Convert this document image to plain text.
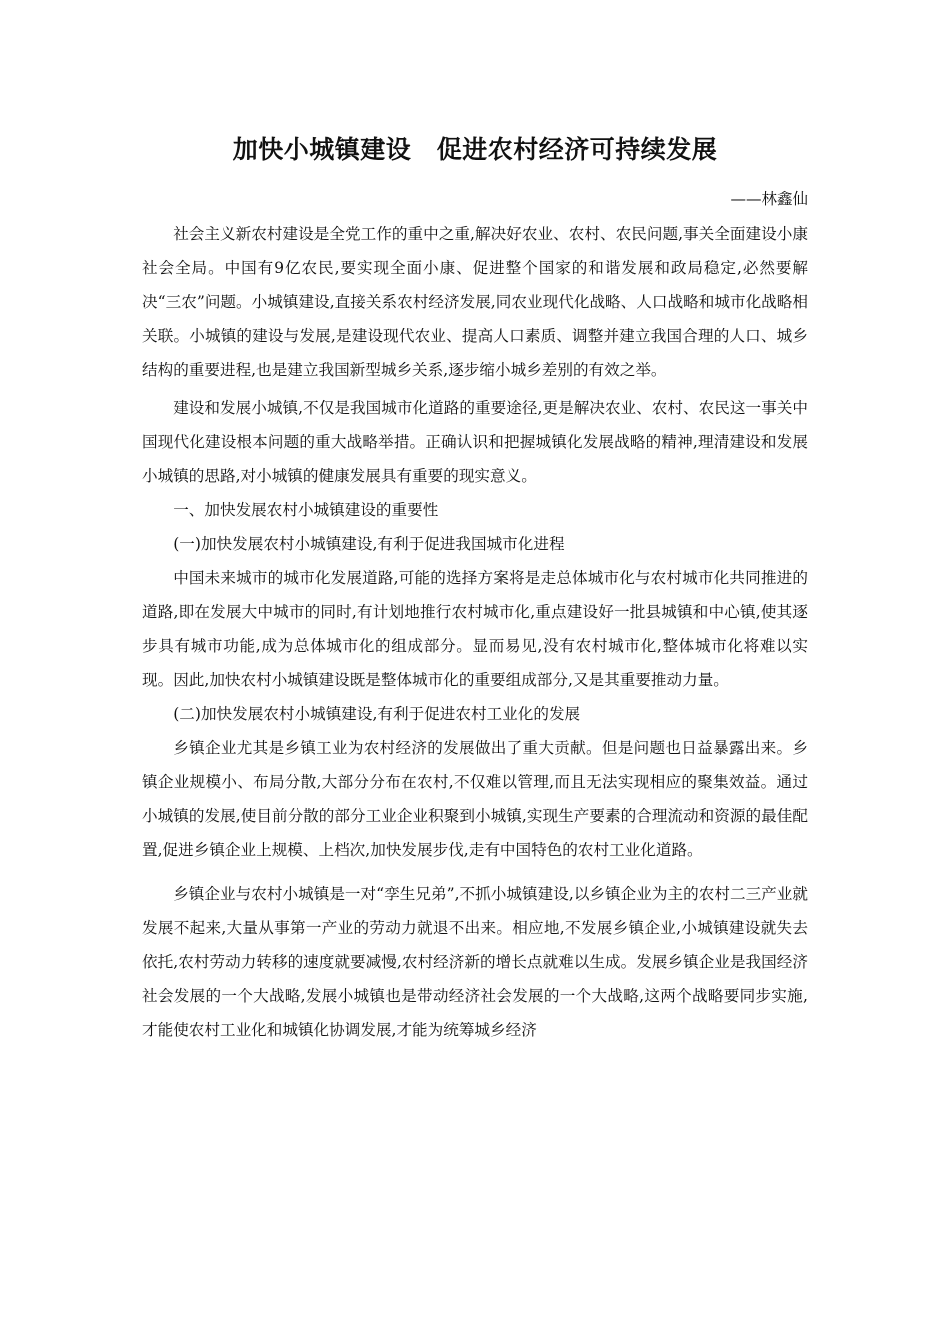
加快小城镇建设　促进农村经济可持续发展
——林鑫仙

社会主义新农村建设是全党工作的重中之重,解决好农业、农村、农民问题,事关全面建设小康社会全局。中国有9亿农民,要实现全面小康、促进整个国家的和谐发展和政局稳定,必然要解决“三农”问题。小城镇建设,直接关系农村经济发展,同农业现代化战略、人口战略和城市化战略相关联。小城镇的建设与发展,是建设现代农业、提高人口素质、调整并建立我国合理的人口、城乡结构的重要进程,也是建立我国新型城乡关系,逐步缩小城乡差别的有效之举。

建设和发展小城镇,不仅是我国城市化道路的重要途径,更是解决农业、农村、农民这一事关中国现代化建设根本问题的重大战略举措。正确认识和把握城镇化发展战略的精神,理清建设和发展小城镇的思路,对小城镇的健康发展具有重要的现实意义。

一、加快发展农村小城镇建设的重要性

(一)加快发展农村小城镇建设,有利于促进我国城市化进程

中国未来城市的城市化发展道路,可能的选择方案将是走总体城市化与农村城市化共同推进的道路,即在发展大中城市的同时,有计划地推行农村城市化,重点建设好一批县城镇和中心镇,使其逐步具有城市功能,成为总体城市化的组成部分。显而易见,没有农村城市化,整体城市化将难以实现。因此,加快农村小城镇建设既是整体城市化的重要组成部分,又是其重要推动力量。

(二)加快发展农村小城镇建设,有利于促进农村工业化的发展

乡镇企业尤其是乡镇工业为农村经济的发展做出了重大贡献。但是问题也日益暴露出来。乡镇企业规模小、布局分散,大部分分布在农村,不仅难以管理,而且无法实现相应的聚集效益。通过小城镇的发展,使目前分散的部分工业企业积聚到小城镇,实现生产要素的合理流动和资源的最佳配置,促进乡镇企业上规模、上档次,加快发展步伐,走有中国特色的农村工业化道路。

乡镇企业与农村小城镇是一对“孪生兄弟”,不抓小城镇建设,以乡镇企业为主的农村二三产业就发展不起来,大量从事第一产业的劳动力就退不出来。相应地,不发展乡镇企业,小城镇建设就失去依托,农村劳动力转移的速度就要减慢,农村经济新的增长点就难以生成。发展乡镇企业是我国经济社会发展的一个大战略,发展小城镇也是带动经济社会发展的一个大战略,这两个战略要同步实施,才能使农村工业化和城镇化协调发展,才能为统筹城乡经济
